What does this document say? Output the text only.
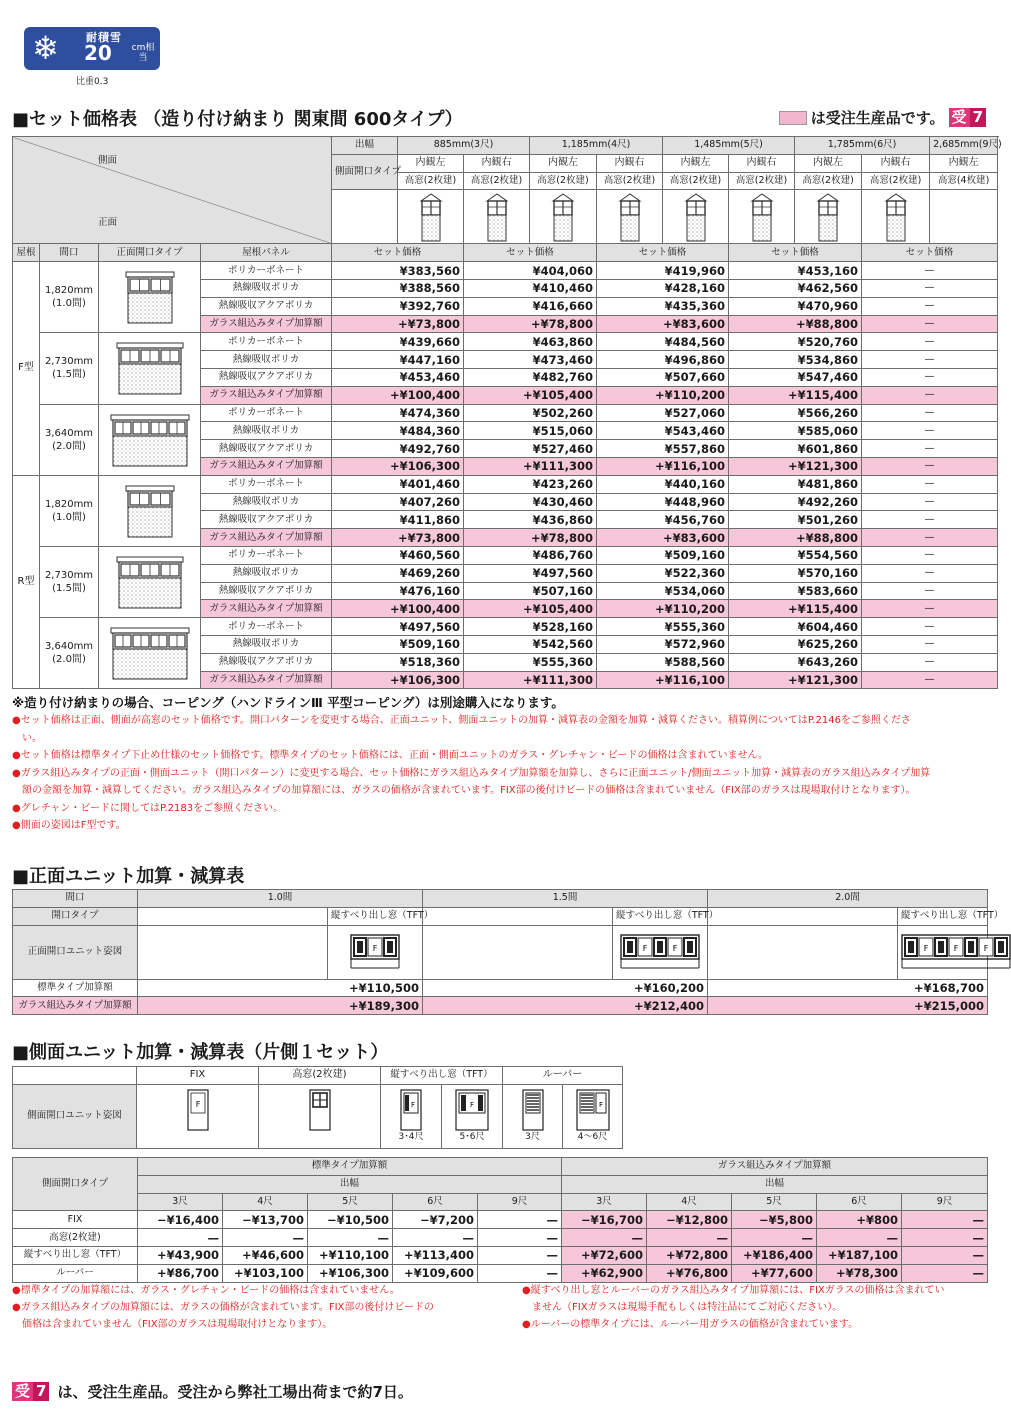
❄ 耐積雪
20 cm相当
比重0.3
■セット価格表 （造り付け納まり 関東間 600タイプ）	は受注生産品です。 受 7
側面
正面				出幅	885mm(3尺)		1,185mm(4尺)		1,485mm(5尺)		1,785mm(6尺)		2,685mm(9尺)	
				側面開口タイプ	内観左	内観右	内観左	内観右	内観左	内観右	内観左	内観右	内観左	
					高窓(2枚建)	高窓(2枚建)	高窓(2枚建)	高窓(2枚建)	高窓(2枚建)	高窓(2枚建)	高窓(2枚建)	高窓(2枚建)	高窓(4枚建)	

屋根	間口	正面開口タイプ	屋根パネル	セット価格		セット価格		セット価格		セット価格		セット価格		
F型	1,820mm
(1.0間)		ポリカーボネート	¥383,560		¥404,060		¥419,960		¥453,160		—		
			熱線吸収ポリカ	¥388,560		¥410,460		¥428,160		¥462,560		—		
			熱線吸収アクアポリカ	¥392,760		¥416,660		¥435,360		¥470,960		—		
			ガラス組込みタイプ加算額	+¥73,800		+¥78,800		+¥83,600		+¥88,800		—		

	2,730mm
(1.5間)		ポリカーボネート	¥439,660		¥463,860		¥484,560		¥520,760		—		
			熱線吸収ポリカ	¥447,160		¥473,460		¥496,860		¥534,860		—		
			熱線吸収アクアポリカ	¥453,460		¥482,760		¥507,660		¥547,460		—		
			ガラス組込みタイプ加算額	+¥100,400		+¥105,400		+¥110,200		+¥115,400		—		

	3,640mm
(2.0間)		ポリカーボネート	¥474,360		¥502,260		¥527,060		¥566,260		—		
			熱線吸収ポリカ	¥484,360		¥515,060		¥543,460		¥585,060		—		
			熱線吸収アクアポリカ	¥492,760		¥527,460		¥557,860		¥601,860		—		
			ガラス組込みタイプ加算額	+¥106,300		+¥111,300		+¥116,100		+¥121,300		—		
R型	1,820mm
(1.0間)		ポリカーボネート	¥401,460		¥423,260		¥440,160		¥481,860		—		
			熱線吸収ポリカ	¥407,260		¥430,460		¥448,960		¥492,260		—		
			熱線吸収アクアポリカ	¥411,860		¥436,860		¥456,760		¥501,260		—		
			ガラス組込みタイプ加算額	+¥73,800		+¥78,800		+¥83,600		+¥88,800		—		

	2,730mm
(1.5間)		ポリカーボネート	¥460,560		¥486,760		¥509,160		¥554,560		—		
			熱線吸収ポリカ	¥469,260		¥497,560		¥522,360		¥570,160		—		
			熱線吸収アクアポリカ	¥476,160		¥507,160		¥534,060		¥583,660		—		
			ガラス組込みタイプ加算額	+¥100,400		+¥105,400		+¥110,200		+¥115,400		—		

	3,640mm
(2.0間)		ポリカーボネート	¥497,560		¥528,160		¥555,360		¥604,460		—		
			熱線吸収ポリカ	¥509,160		¥542,560		¥572,960		¥625,260		—		
			熱線吸収アクアポリカ	¥518,360		¥555,360		¥588,560		¥643,260		—		
			ガラス組込みタイプ加算額	+¥106,300		+¥111,300		+¥116,100		+¥121,300		—		
※造り付け納まりの場合、コーピング（ハンドラインⅢ 平型コーピング）は別途購入になります。
●セット価格は正面、側面が高窓のセット価格です。開口パターンを変更する場合、正面ユニット、側面ユニットの加算・減算表の金額を加算・減算ください。積算例についてはP.2146をご参照くださ
い。
●セット価格は標準タイプ下止め仕様のセット価格です。標準タイプのセット価格には、正面・側面ユニットのガラス・グレチャン・ビードの価格は含まれていません。
●ガラス組込みタイプの正面・側面ユニット（開口パターン）に変更する場合、セット価格にガラス組込みタイプ加算額を加算し、さらに正面ユニット/側面ユニット加算・減算表のガラス組込みタイプ加算
額の金額を加算・減算してください。ガラス組込みタイプの加算額には、ガラスの価格が含まれています。FIX部の後付けビードの価格は含まれていません（FIX部のガラスは現場取付けとなります）。
●グレチャン・ビードに関してはP.2183をご参照ください。
●側面の姿図はF型です。
■正面ユニット加算・減算表
間口	1.0間		1.5間		2.0間	
開口タイプ		縦すべり出し窓（TFT）		縦すべり出し窓（TFT）		縦すべり出し窓（TFT）
正面開口ユニット姿図		F		F F		F F F

標準タイプ加算額	+¥110,500		+¥160,200		+¥168,700	
ガラス組込みタイプ加算額	+¥189,300		+¥212,400		+¥215,000	
■側面ユニット加算・減算表（片側１セット）
	FIX	高窓(2枚建)	縦すべり出し窓（TFT）		ルーバー	
側面開口ユニット姿図	F		F
3･4尺	F
5･6尺	3尺	F
4〜6尺
側面開口タイプ	標準タイプ加算額					ガラス組込みタイプ加算額				
	出幅					出幅				
	3尺	4尺	5尺	6尺	9尺	3尺	4尺	5尺	6尺	9尺
FIX	−¥16,400	−¥13,700	−¥10,500	−¥7,200	—	−¥16,700	−¥12,800	−¥5,800	+¥800	—
高窓(2枚建)	—	—	—	—	—	—	—	—	—	—
縦すべり出し窓（TFT）	+¥43,900	+¥46,600	+¥110,100	+¥113,400	—	+¥72,600	+¥72,800	+¥186,400	+¥187,100	—
ルーバー	+¥86,700	+¥103,100	+¥106,300	+¥109,600	—	+¥62,900	+¥76,800	+¥77,600	+¥78,300	—
●標準タイプの加算額には、ガラス・グレチャン・ビードの価格は含まれていません。
●ガラス組込みタイプの加算額には、ガラスの価格が含まれています。FIX部の後付けビードの
　価格は含まれていません（FIX部のガラスは現場取付けとなります）。
●縦すべり出し窓とルーバーのガラス組込みタイプ加算額には、FIXガラスの価格は含まれてい
　ません（FIXガラスは現場手配もしくは特注品にてご対応ください）。
●ルーバーの標準タイプには、ルーバー用ガラスの価格が含まれています。
受 7 は、受注生産品。受注から弊社工場出荷まで約7日。
